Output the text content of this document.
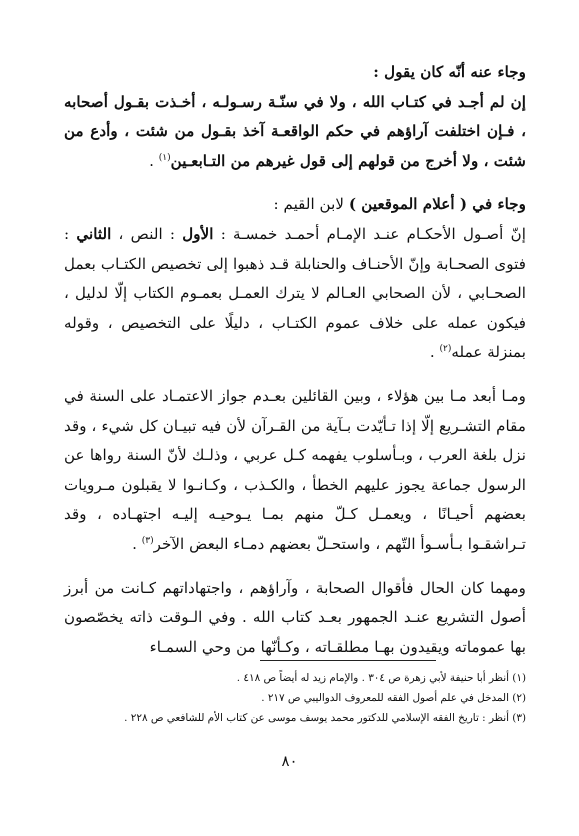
وجاء عنه أنّه كان يقول :

إن لم أجـد في كتـاب الله ، ولا في سنّـة رسـولـه ، أخـذت بقـول أصحابه ، فـإن اختلفت آراؤهم في حكم الواقعـة آخذ بقـول من شئت ، وأدع من شئت ، ولا أخرج من قولهم إلى قول غيرهم من التـابعـين$^{(١)}$ .

وجاء في ( أعلام الموقعين ) لابن القيم :

إنّ أصـول الأحكـام عنـد الإمـام أحمـد خمسـة : الأول : النص ، الثاني : فتوى الصحـابة وإنّ الأحنـاف والحنابلة قـد ذهبوا إلى تخصيص الكتـاب بعمل الصحـابي ، لأن الصحابي العـالم لا يترك العمـل بعمـوم الكتاب إلّا لدليل ، فيكون عمله على خلاف عموم الكتـاب ، دليلًا على التخصيص ، وقوله بمنزلة عمله$^{(٢)}$ .

ومـا أبعد مـا بين هؤلاء ، وبين القائلين بعـدم جواز الاعتمـاد على السنة في مقام التشـريع إلّا إذا تـأيّدت بـآية من القـرآن لأن فيه تبيـان كل شيء ، وقد نزل بلغة العرب ، وبـأسلوب يفهمه كـل عربي ، وذلـك لأنّ السنة رواها عن الرسول جماعة يجوز عليهم الخطأ ، والكـذب ، وكـانـوا لا يقبلون مـرويات بعضهم أحيـانًا ، ويعمـل كـلّ منهم بمـا يـوحيـه إليـه اجتهـاده ، وقد تـراشقـوا بـأسـوأ التّهم ، واستحـلّ بعضهم دمـاء البعض الآخر$^{(٣)}$ .

ومهما كان الحال فأقوال الصحابة ، وآراؤهم ، واجتهاداتهم كـانت من أبرز أصول التشريع عنـد الجمهور بعـد كتاب الله . وفي الـوقت ذاته يخصّصون بها عموماته ويقيدون بهـا مطلقـاته ، وكـأنّها من وحي السمـاء

(١) أنظر أبا حنيفة لأبي زهرة ص ٣٠٤ . والإمام زيد له أيضاً ص ٤١٨ .
(٢) المدخل في علم أصول الفقه للمعروف الدواليبي ص ٢١٧ .
(٣) أنظر : تاريخ الفقه الإسلامي للدكتور محمد يوسف موسى عن كتاب الأم للشافعي ص ٢٢٨ .
٨٠
